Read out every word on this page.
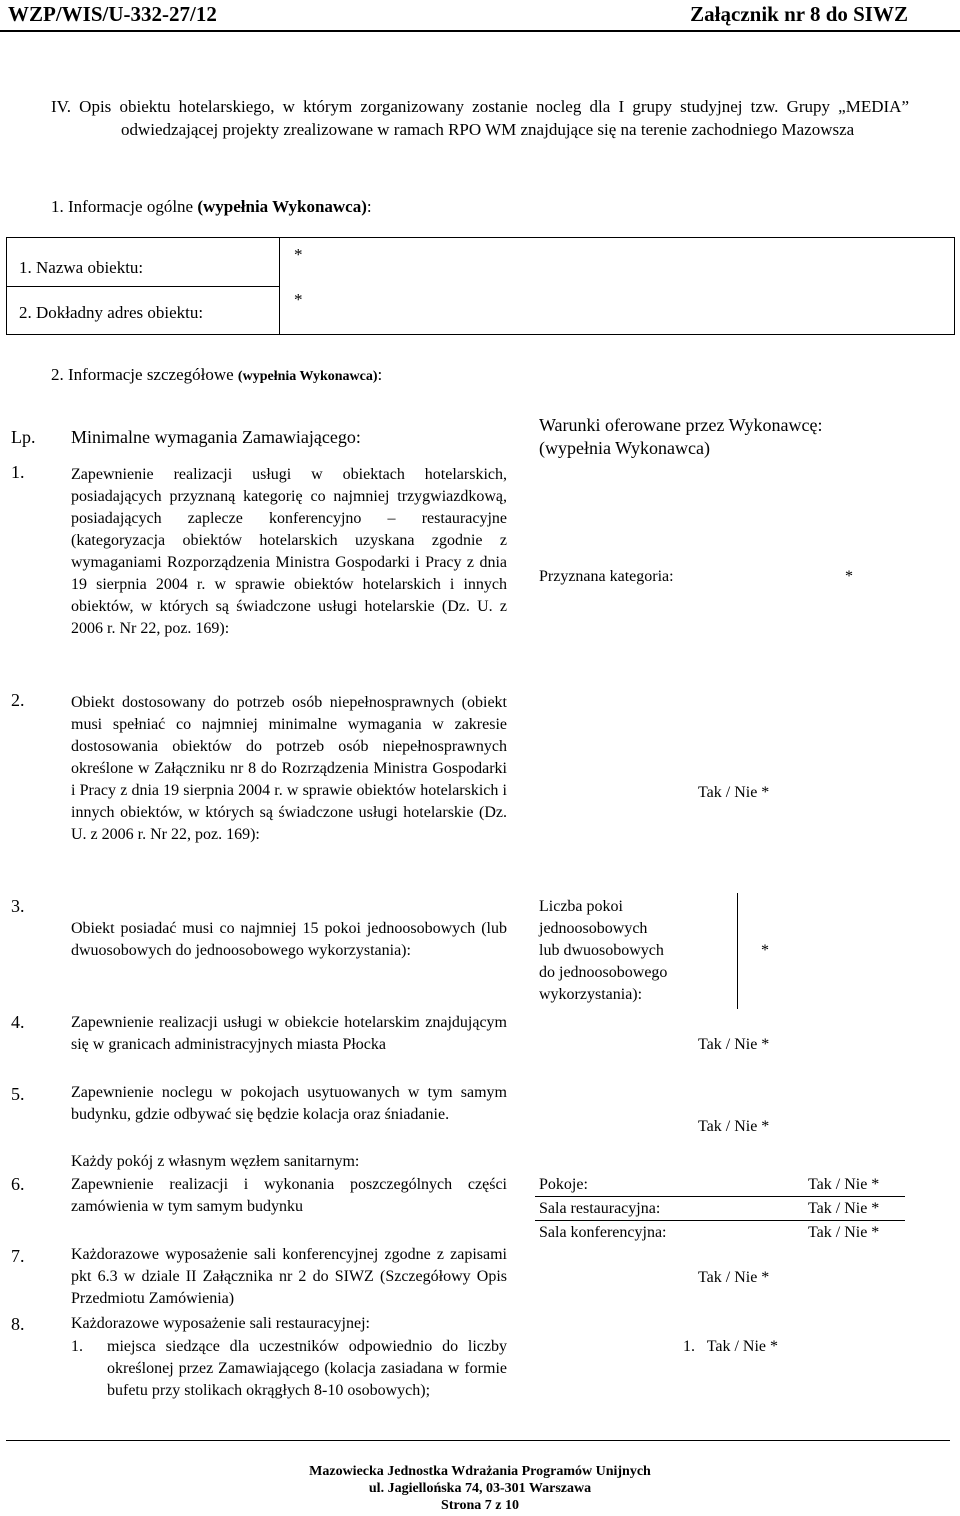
WZP/WIS/U-332-27/12	Załącznik nr 8 do SIWZ
IV. Opis obiektu hotelarskiego, w którym zorganizowany zostanie nocleg dla I grupy studyjnej tzw. Grupy „MEDIA” odwiedzającej projekty zrealizowane w ramach RPO WM znajdujące się na terenie zachodniego Mazowsza
1. Informacje ogólne (wypełnia Wykonawca):
1. Nazwa obiektu:
*
2. Dokładny adres obiektu:
*
2. Informacje szczegółowe (wypełnia Wykonawca):
Lp. Minimalne wymagania Zamawiającego:
Warunki oferowane przez Wykonawcę:
(wypełnia Wykonawca)
1.	Zapewnienie realizacji usługi w obiektach hotelarskich, posiadających przyznaną kategorię co najmniej trzygwiazdkową, posiadających zaplecze konferencyjno – restauracyjne (kategoryzacja obiektów hotelarskich uzyskana zgodnie z wymaganiami Rozporządzenia Ministra Gospodarki i Pracy z dnia 19 sierpnia 2004 r. w sprawie obiektów hotelarskich i innych obiektów, w których są świadczone usługi hotelarskie (Dz. U. z 2006 r. Nr 22, poz. 169):
Przyznana kategoria:	*
2.	Obiekt dostosowany do potrzeb osób niepełnosprawnych (obiekt musi spełniać co najmniej minimalne wymagania w zakresie dostosowania obiektów do potrzeb osób niepełnosprawnych określone w Załączniku nr 8 do Rozrządzenia Ministra Gospodarki i Pracy z dnia 19 sierpnia 2004 r. w sprawie obiektów hotelarskich i innych obiektów, w których są świadczone usługi hotelarskie (Dz. U. z 2006 r. Nr 22, poz. 169):
Tak / Nie *
3.
Obiekt posiadać musi co najmniej 15 pokoi jednoosobowych (lub dwuosobowych do jednoosobowego wykorzystania):
Liczba pokoi
jednoosobowych
lub dwuosobowych
do jednoosobowego
wykorzystania):
*
4.	Zapewnienie realizacji usługi w obiekcie hotelarskim znajdującym się w granicach administracyjnych miasta Płocka	Tak / Nie *
5.	Zapewnienie noclegu w pokojach usytuowanych w tym samym budynku, gdzie odbywać się będzie kolacja oraz śniadanie.
Każdy pokój z własnym węzłem sanitarnym:
Tak / Nie *
6.	Zapewnienie realizacji i wykonania poszczególnych części zamówienia w tym samym budynku
Pokoje:	Tak / Nie *
Sala restauracyjna:	Tak / Nie *
Sala konferencyjna:	Tak / Nie *
7.	Każdorazowe wyposażenie sali konferencyjnej zgodne z zapisami pkt 6.3 w dziale II Załącznika nr 2 do SIWZ (Szczegółowy Opis Przedmiotu Zamówienia)
Tak / Nie *
8.	Każdorazowe wyposażenie sali restauracyjnej:
1. miejsca siedzące dla uczestników odpowiednio do liczby określonej przez Zamawiającego (kolacja zasiadana w formie bufetu przy stolikach okrągłych 8-10 osobowych);
1.   Tak / Nie *
Mazowiecka Jednostka Wdrażania Programów Unijnych
ul. Jagiellońska 74, 03-301 Warszawa
Strona 7 z 10
